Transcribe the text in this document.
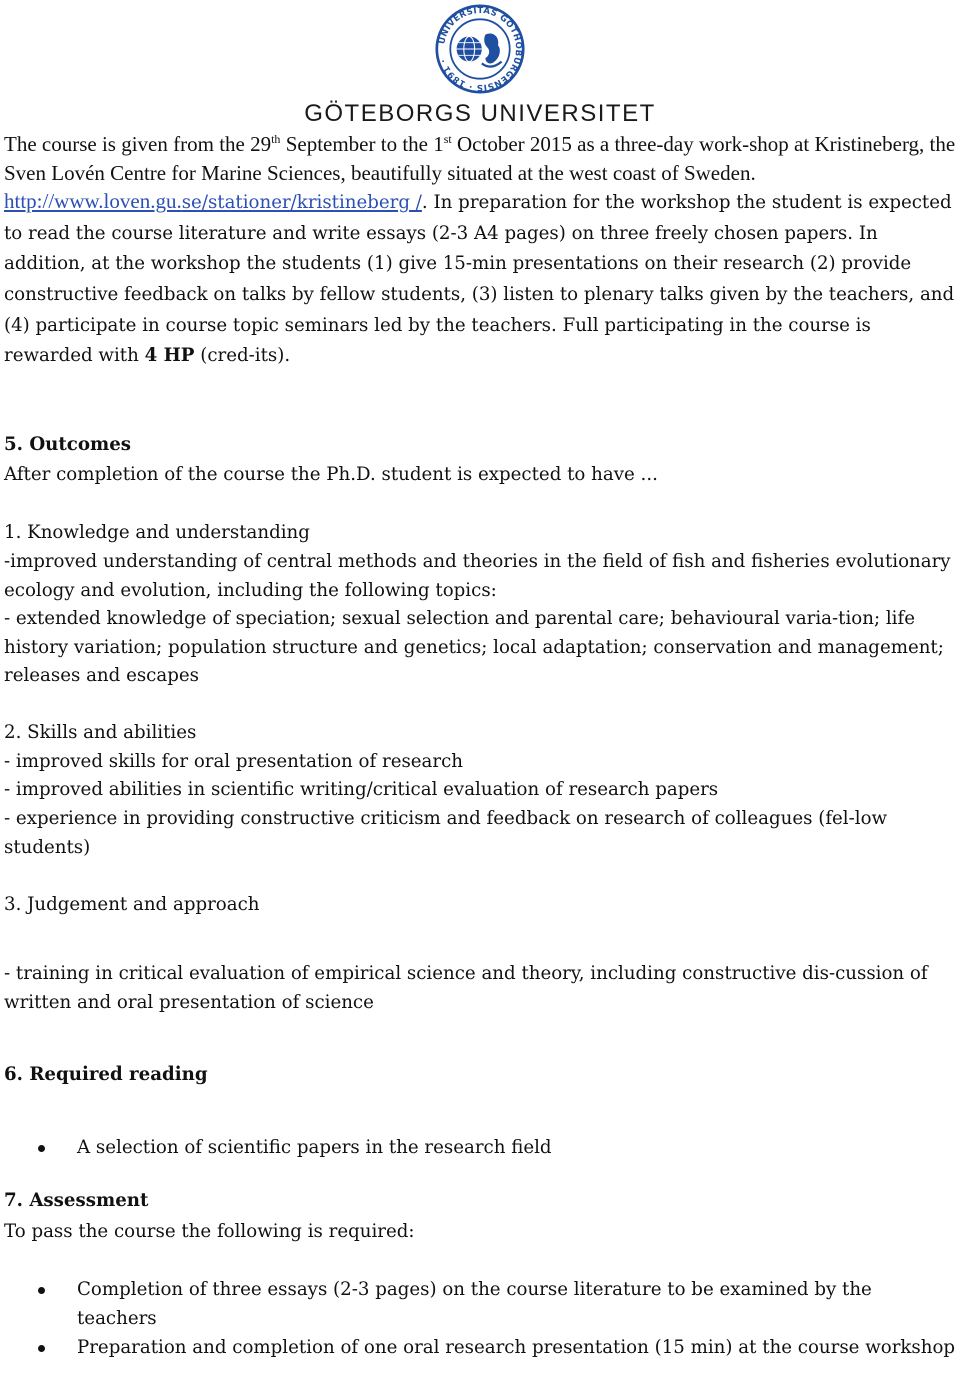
UNIVERSITAS GOTHOBURGENSIS · 1891 ·
GÖTEBORGS UNIVERSITET

The course is given from the 29th September to the 1st October 2015 as a three-day work-shop at Kristineberg, the Sven Lovén Centre for Marine Sciences, beautifully situated at the west coast of Sweden. http://www.loven.gu.se/stationer/kristineberg /. In preparation for the workshop the student is expected to read the course literature and write essays (2-3 A4 pages) on three freely chosen papers. In addition, at the workshop the students (1) give 15-min presentations on their research (2) provide constructive feedback on talks by fellow students, (3) listen to plenary talks given by the teachers, and (4) participate in course topic seminars led by the teachers. Full participating in the course is rewarded with 4 HP (cred-its).

5. Outcomes
After completion of the course the Ph.D. student is expected to have ...
1. Knowledge and understanding
-improved understanding of central methods and theories in the field of fish and fisheries evolutionary ecology and evolution, including the following topics:
- extended knowledge of speciation; sexual selection and parental care; behavioural varia-tion; life history variation; population structure and genetics; local adaptation; conservation and management; releases and escapes
2. Skills and abilities
- improved skills for oral presentation of research
- improved abilities in scientific writing/critical evaluation of research papers
- experience in providing constructive criticism and feedback on research of colleagues (fel-low students)
3. Judgement and approach
- training in critical evaluation of empirical science and theory, including constructive dis-cussion of written and oral presentation of science
6. Required reading
A selection of scientific papers in the research field
7. Assessment
To pass the course the following is required:
Completion of three essays (2-3 pages) on the course literature to be examined by the teachers
Preparation and completion of one oral research presentation (15 min) at the course workshop
